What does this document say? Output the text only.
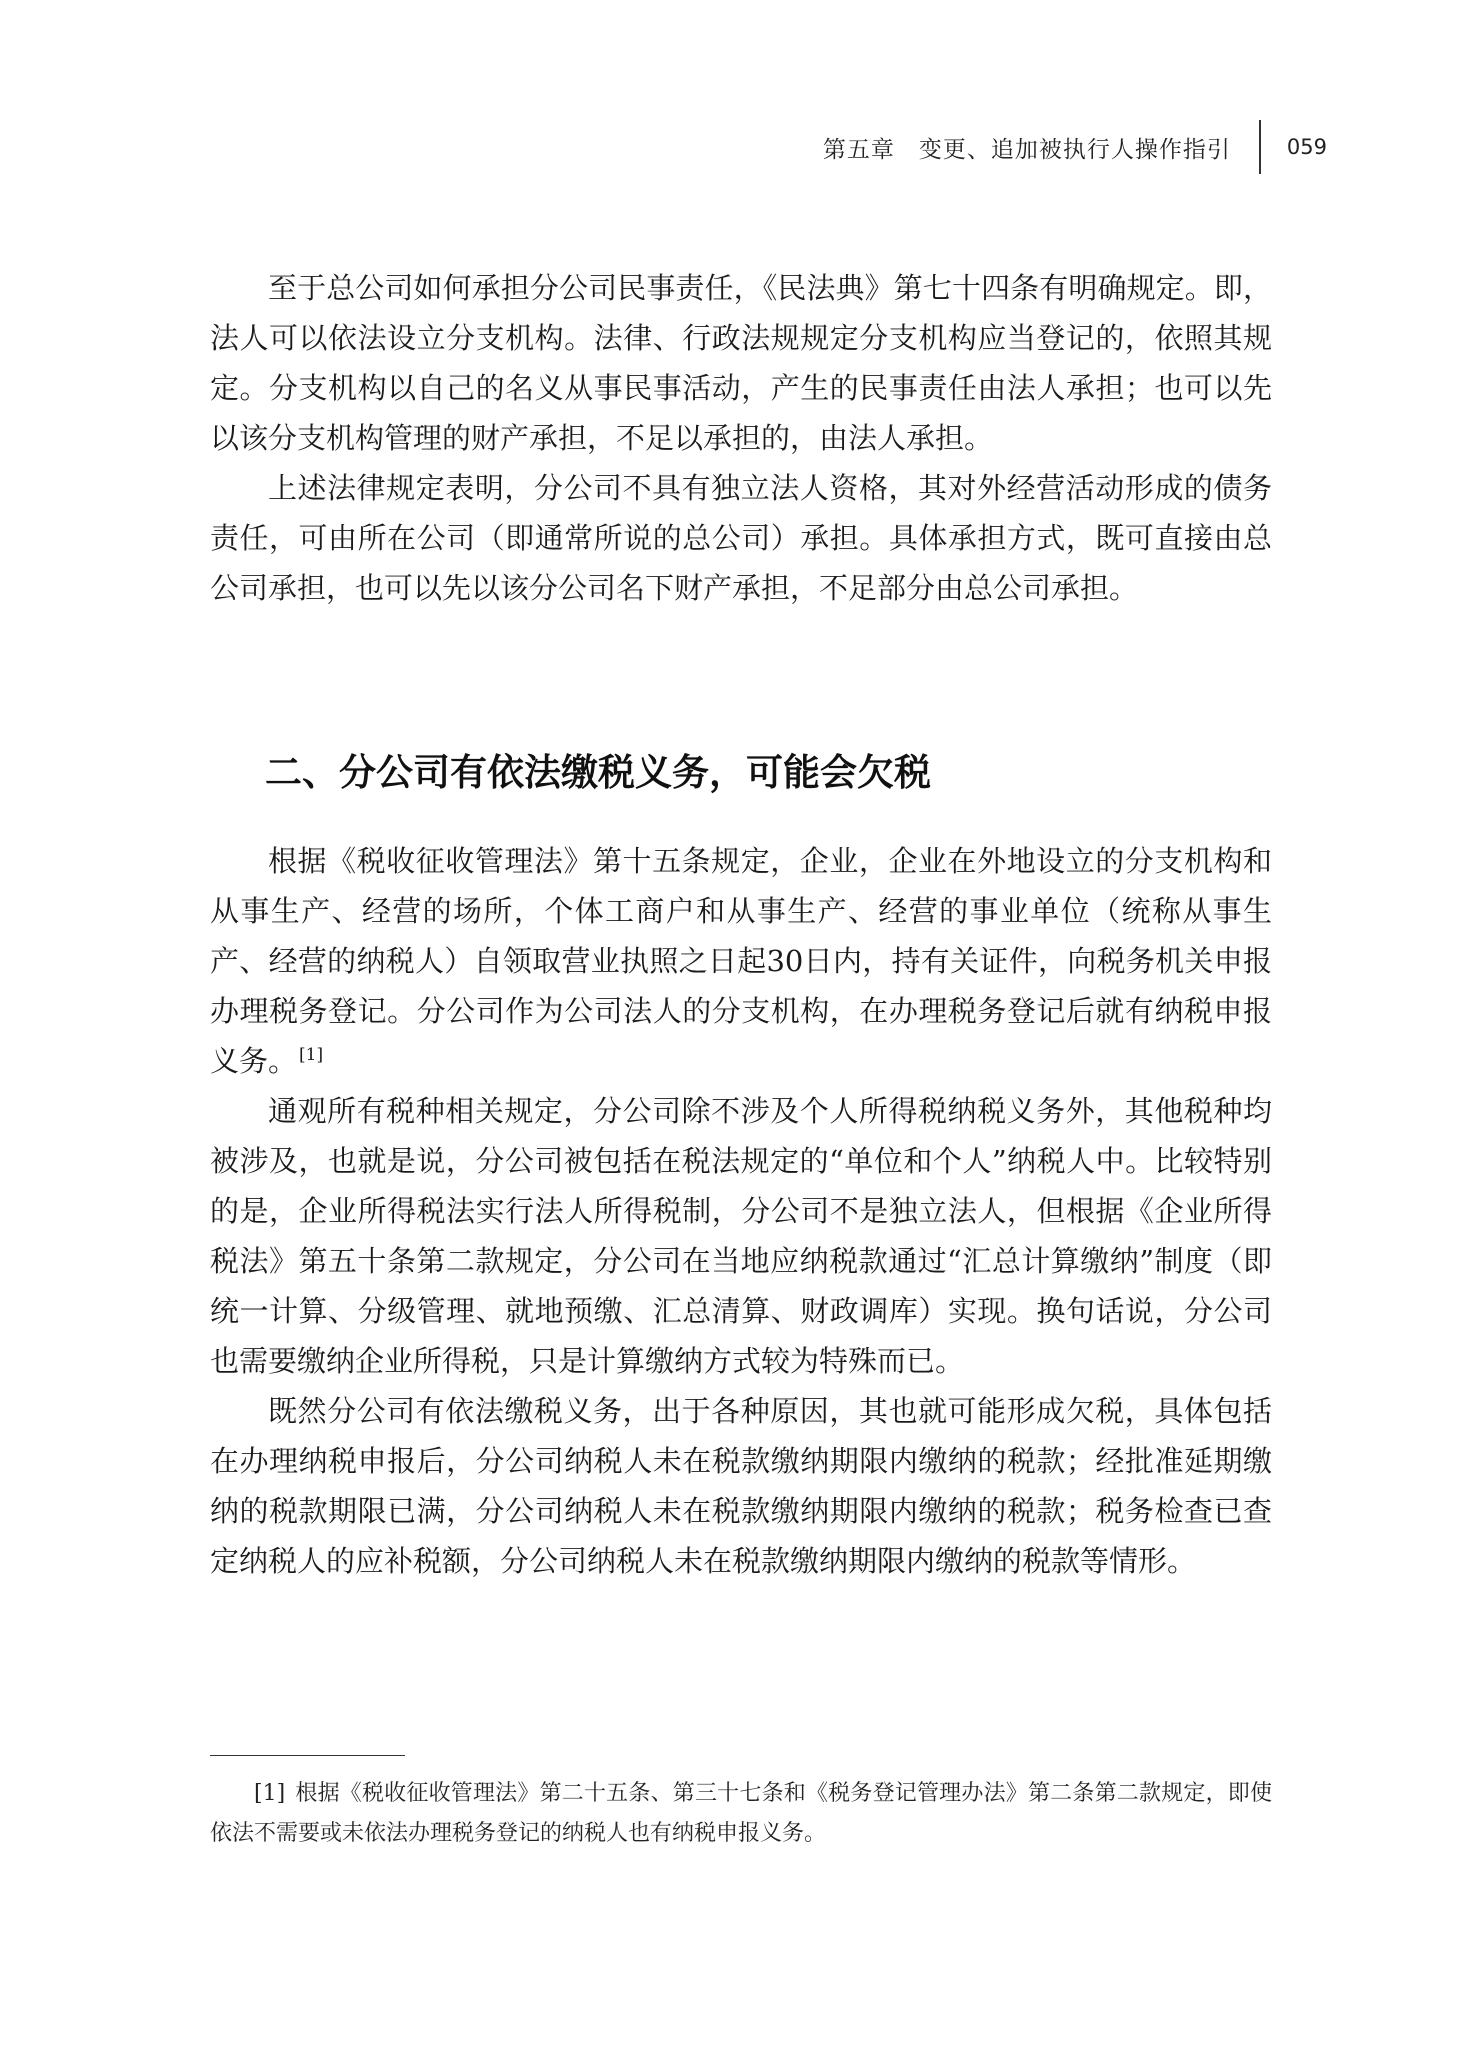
第五章　变更、追加被执行人操作指引	059

至于总公司如何承担分公司民事责任，《民法典》第七十四条有明确规定。即，法人可以依法设立分支机构。法律、行政法规规定分支机构应当登记的，依照其规定。分支机构以自己的名义从事民事活动，产生的民事责任由法人承担；也可以先以该分支机构管理的财产承担，不足以承担的，由法人承担。

上述法律规定表明，分公司不具有独立法人资格，其对外经营活动形成的债务责任，可由所在公司（即通常所说的总公司）承担。具体承担方式，既可直接由总公司承担，也可以先以该分公司名下财产承担，不足部分由总公司承担。

二、分公司有依法缴税义务，可能会欠税

根据《税收征收管理法》第十五条规定，企业，企业在外地设立的分支机构和从事生产、经营的场所，个体工商户和从事生产、经营的事业单位（统称从事生产、经营的纳税人）自领取营业执照之日起30日内，持有关证件，向税务机关申报办理税务登记。分公司作为公司法人的分支机构，在办理税务登记后就有纳税申报义务。 [1]

通观所有税种相关规定，分公司除不涉及个人所得税纳税义务外，其他税种均被涉及，也就是说，分公司被包括在税法规定的“单位和个人”纳税人中。比较特别的是，企业所得税法实行法人所得税制，分公司不是独立法人，但根据《企业所得税法》第五十条第二款规定，分公司在当地应纳税款通过“汇总计算缴纳”制度（即统一计算、分级管理、就地预缴、汇总清算、财政调库）实现。换句话说，分公司也需要缴纳企业所得税，只是计算缴纳方式较为特殊而已。

既然分公司有依法缴税义务，出于各种原因，其也就可能形成欠税，具体包括在办理纳税申报后，分公司纳税人未在税款缴纳期限内缴纳的税款；经批准延期缴纳的税款期限已满，分公司纳税人未在税款缴纳期限内缴纳的税款；税务检查已查定纳税人的应补税额，分公司纳税人未在税款缴纳期限内缴纳的税款等情形。

[1] 根据《税收征收管理法》第二十五条、第三十七条和《税务登记管理办法》第二条第二款规定，即使依法不需要或未依法办理税务登记的纳税人也有纳税申报义务。
